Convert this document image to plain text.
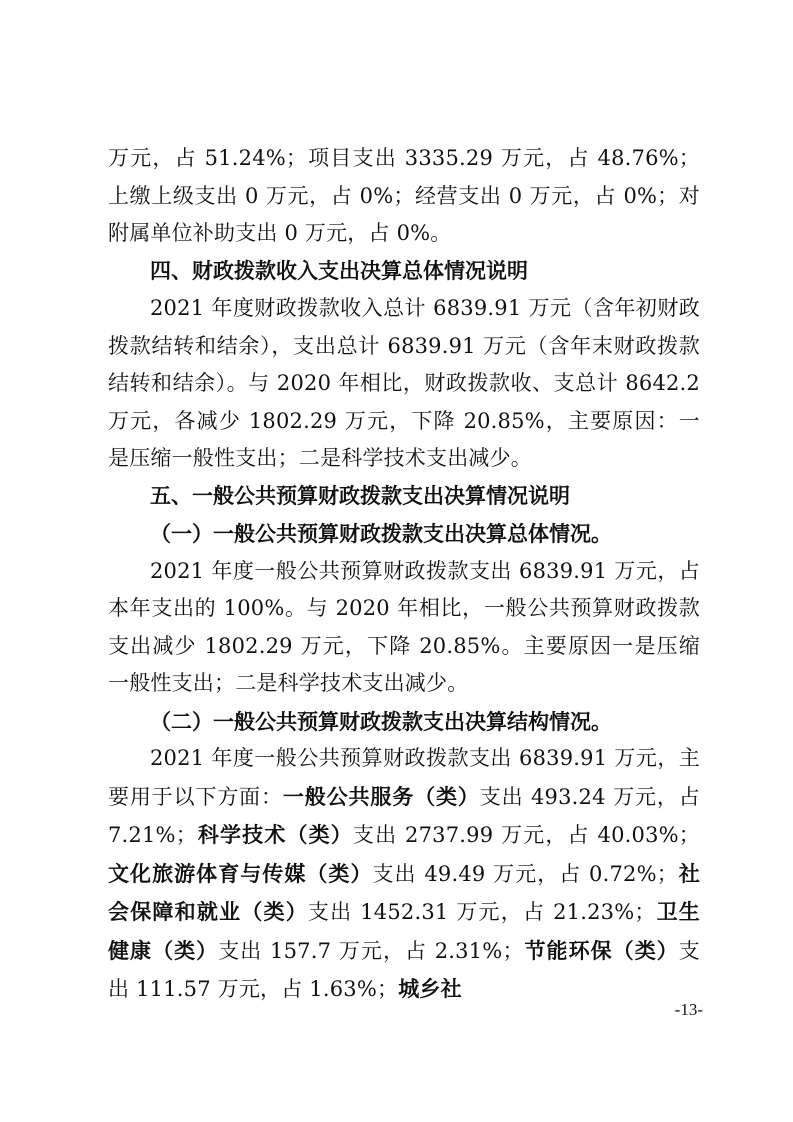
万元，占 51.24%；项目支出 3335.29 万元，占 48.76%；上缴上级支出 0 万元，占 0%；经营支出 0 万元，占 0%；对附属单位补助支出 0 万元，占 0%。

四、财政拨款收入支出决算总体情况说明

2021 年度财政拨款收入总计 6839.91 万元（含年初财政拨款结转和结余），支出总计 6839.91 万元（含年末财政拨款结转和结余）。与 2020 年相比，财政拨款收、支总计 8642.2 万元，各减少 1802.29 万元，下降 20.85%，主要原因：一是压缩一般性支出；二是科学技术支出减少。

五、一般公共预算财政拨款支出决算情况说明

（一）一般公共预算财政拨款支出决算总体情况。

2021 年度一般公共预算财政拨款支出 6839.91 万元，占本年支出的 100%。与 2020 年相比，一般公共预算财政拨款支出减少 1802.29 万元，下降 20.85%。主要原因一是压缩一般性支出；二是科学技术支出减少。

（二）一般公共预算财政拨款支出决算结构情况。

2021 年度一般公共预算财政拨款支出 6839.91 万元，主要用于以下方面：一般公共服务（类）支出 493.24 万元，占 7.21%；科学技术（类）支出 2737.99 万元，占 40.03%；文化旅游体育与传媒（类）支出 49.49 万元，占 0.72%；社会保障和就业（类）支出 1452.31 万元，占 21.23%；卫生健康（类）支出 157.7 万元，占 2.31%；节能环保（类）支出 111.57 万元，占 1.63%；城乡社

-13-
